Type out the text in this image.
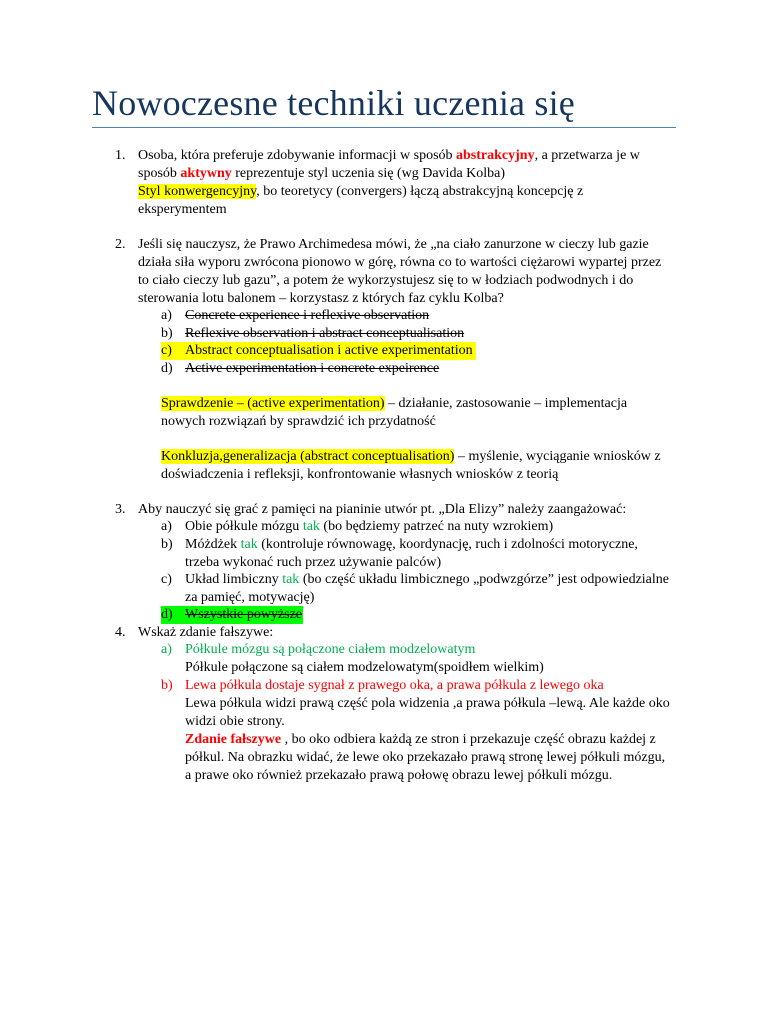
Nowoczesne techniki uczenia się
1. Osoba, która preferuje zdobywanie informacji w sposób abstrakcyjny, a przetwarza je w
sposób aktywny reprezentuje styl uczenia się (wg Davida Kolba)
Styl konwergencyjny, bo teoretycy (convergers) łączą abstrakcyjną koncepcję z
eksperymentem
2. Jeśli się nauczysz, że Prawo Archimedesa mówi, że „na ciało zanurzone w cieczy lub gazie
działa siła wyporu zwrócona pionowo w górę, równa co to wartości ciężarowi wypartej przez
to ciało cieczy lub gazu”, a potem że wykorzystujesz się to w łodziach podwodnych i do
sterowania lotu balonem – korzystasz z których faz cyklu Kolba?
a) Concrete experience i reflexive observation
b) Reflexive observation i abstract conceptualisation
c) Abstract conceptualisation i active experimentation
d) Active experimentation i concrete expeirence
Sprawdzenie – (active experimentation) – działanie, zastosowanie – implementacja
nowych rozwiązań by sprawdzić ich przydatność
Konkluzja,generalizacja (abstract conceptualisation) – myślenie, wyciąganie wniosków z
doświadczenia i refleksji, konfrontowanie własnych wniosków z teorią
3. Aby nauczyć się grać z pamięci na pianinie utwór pt. „Dla Elizy” należy zaangażować:
a) Obie półkule mózgu tak (bo będziemy patrzeć na nuty wzrokiem)
b) Móżdżek tak (kontroluje równowagę, koordynację, ruch i zdolności motoryczne,
trzeba wykonać ruch przez używanie palców)
c) Układ limbiczny tak (bo część układu limbicznego „podwzgórze” jest odpowiedzialne
za pamięć, motywację)
d) Wszystkie powyższe
4. Wskaż zdanie fałszywe:
a) Półkule mózgu są połączone ciałem modzelowatym
Półkule połączone są ciałem modzelowatym(spoidłem wielkim)
b) Lewa półkula dostaje sygnał z prawego oka, a prawa półkula z lewego oka
Lewa półkula widzi prawą część pola widzenia ,a prawa półkula –lewą. Ale każde oko
widzi obie strony.
Zdanie fałszywe , bo oko odbiera każdą ze stron i przekazuje część obrazu każdej z
półkul. Na obrazku widać, że lewe oko przekazało prawą stronę lewej półkuli mózgu,
a prawe oko również przekazało prawą połowę obrazu lewej półkuli mózgu.
